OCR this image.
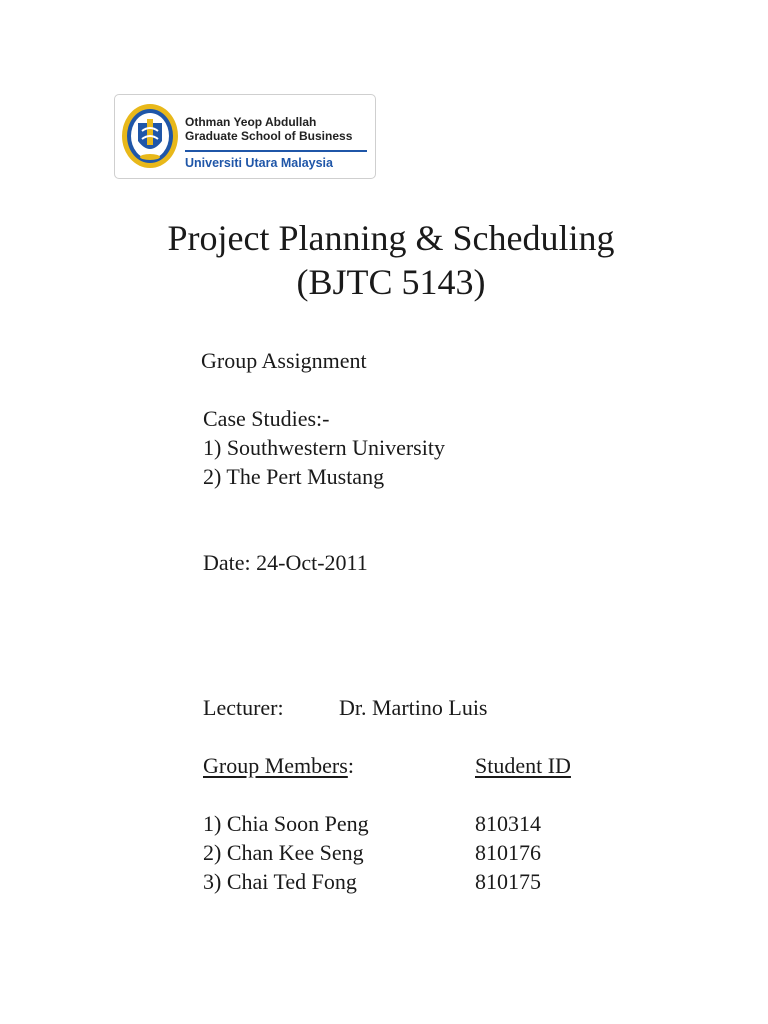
Othman Yeop Abdullah
Graduate School of Business
Universiti Utara Malaysia
Project Planning & Scheduling
(BJTC 5143)
Group Assignment
Case Studies:-
1) Southwestern University
2) The Pert Mustang
Date: 24-Oct-2011
Lecturer:	Dr. Martino Luis
Group Members:	Student ID
1) Chia Soon Peng	810314
2) Chan Kee Seng	810176
3) Chai Ted Fong	810175
